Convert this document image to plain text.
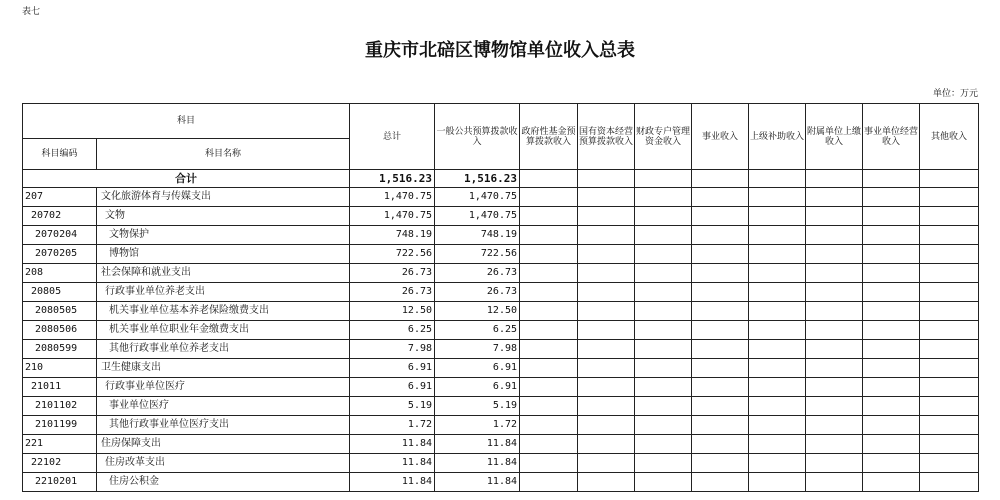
表七
重庆市北碚区博物馆单位收入总表
单位：万元
科目		总计	一般公共预算拨款收入	政府性基金预算拨款收入	国有资本经营预算拨款收入	财政专户管理资金收入	事业收入	上级补助收入	附属单位上缴收入	事业单位经营收入	其他收入
科目编码	科目名称										
合计		1,516.23	1,516.23								
207	文化旅游体育与传媒支出	1,470.75	1,470.75								
20702	文物	1,470.75	1,470.75								
2070204	文物保护	748.19	748.19								
2070205	博物馆	722.56	722.56								
208	社会保障和就业支出	26.73	26.73								
20805	行政事业单位养老支出	26.73	26.73								
2080505	机关事业单位基本养老保险缴费支出	12.50	12.50								
2080506	机关事业单位职业年金缴费支出	6.25	6.25								
2080599	其他行政事业单位养老支出	7.98	7.98								
210	卫生健康支出	6.91	6.91								
21011	行政事业单位医疗	6.91	6.91								
2101102	事业单位医疗	5.19	5.19								
2101199	其他行政事业单位医疗支出	1.72	1.72								
221	住房保障支出	11.84	11.84								
22102	住房改革支出	11.84	11.84								
2210201	住房公积金	11.84	11.84								
